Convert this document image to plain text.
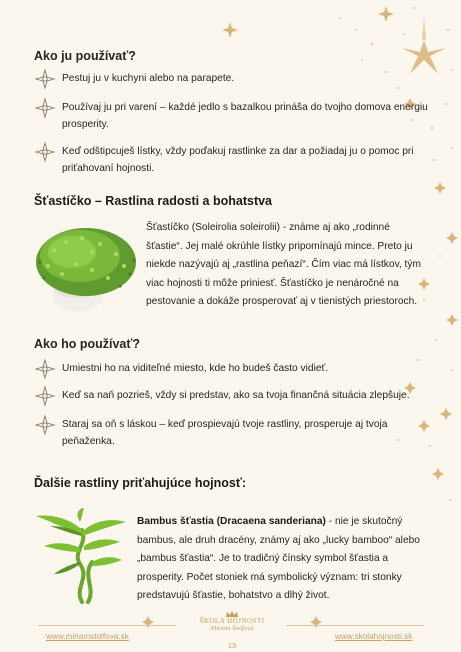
Ako ju používať?
Pestuj ju v kuchyni alebo na parapete.
Používaj ju pri varení – každé jedlo s bazalkou prináša do tvojho domova energiu prosperity.
Keď odštipcuješ lístky, vždy poďakuj rastlinke za dar a požiadaj ju o pomoc pri priťahovaní hojnosti.
Šťastíčko – Rastlina radosti a bohatstva
Šťastíčko (Soleirolia soleirolii) - známe aj ako „rodinné šťastie“. Jej malé okrúhle lístky pripomínajú mince. Preto ju niekde nazývajú aj „rastlina peňazí“. Čím viac má lístkov, tým viac hojnosti ti môže priniesť. Šťastíčko je nenáročné na pestovanie a dokáže prosperovať aj v tienistých priestoroch.
Ako ho používať?
Umiestni ho na viditeľné miesto, kde ho budeš často vidieť.
Keď sa naň pozrieš, vždy si predstav, ako sa tvoja finančná situácia zlepšuje.
Staraj sa oň s láskou – keď prospievajú tvoje rastliny, prosperuje aj tvoja peňaženka.
Ďalšie rastliny priťahujúce hojnosť:
Bambus šťastia (Dracaena sanderiana) - nie je skutočný bambus, ale druh dracény, známy aj ako „lucky bamboo“ alebo „bambus šťastia“. Je to tradičný čínsky symbol šťastia a prosperity. Počet stoniek má symbolický význam: tri stonky predstavujú šťastie, bohatstvo a dlhý život.
www.miriamstolfova.sk
ŠKOLA HOJNOSTI
Miriam Štolfová
13
www.skolahojnosti.sk
